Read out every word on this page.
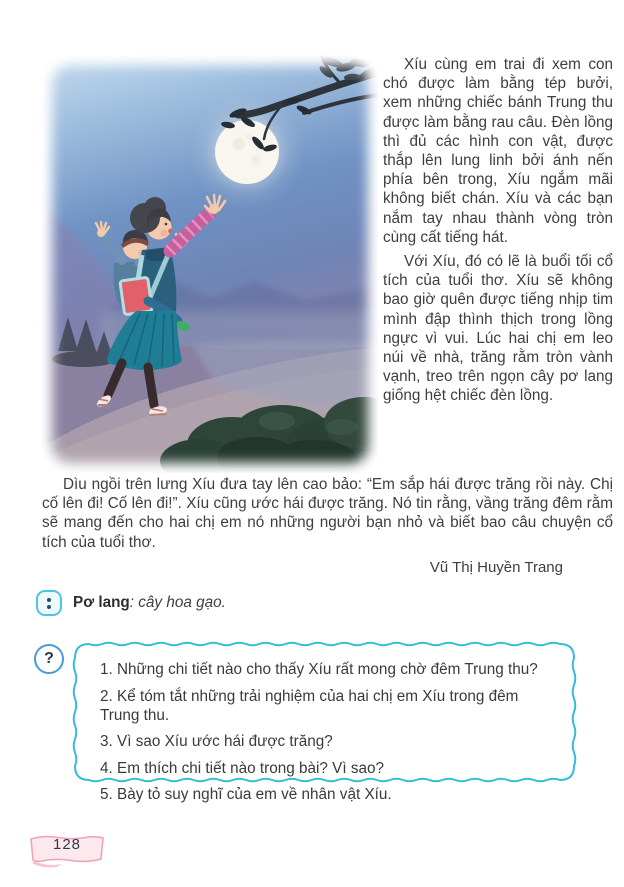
Xíu cùng em trai đi xem con chó được làm bằng tép bưởi, xem những chiếc bánh Trung thu được làm bằng rau câu. Đèn lồng thì đủ các hình con vật, được thắp lên lung linh bởi ánh nến phía bên trong, Xíu ngắm mãi không biết chán. Xíu và các bạn nắm tay nhau thành vòng tròn cùng cất tiếng hát.

Với Xíu, đó có lẽ là buổi tối cổ tích của tuổi thơ. Xíu sẽ không bao giờ quên được tiếng nhịp tim mình đập thình thịch trong lồng ngực vì vui. Lúc hai chị em leo núi về nhà, trăng rằm tròn vành vạnh, treo trên ngọn cây pơ lang giống hệt chiếc đèn lồng.

Dìu ngồi trên lưng Xíu đưa tay lên cao bảo: “Em sắp hái được trăng rồi này. Chị cố lên đi! Cố lên đi!”. Xíu cũng ước hái được trăng. Nó tin rằng, vầng trăng đêm rằm sẽ mang đến cho hai chị em nó những người bạn nhỏ và biết bao câu chuyện cổ tích của tuổi thơ.

Vũ Thị Huyền Trang
Pơ lang: cây hoa gạo.
?
1. Những chi tiết nào cho thấy Xíu rất mong chờ đêm Trung thu?
2. Kể tóm tắt những trải nghiệm của hai chị em Xíu trong đêm Trung thu.
3. Vì sao Xíu ước hái được trăng?
4. Em thích chi tiết nào trong bài? Vì sao?
5. Bày tỏ suy nghĩ của em về nhân vật Xíu.
128
